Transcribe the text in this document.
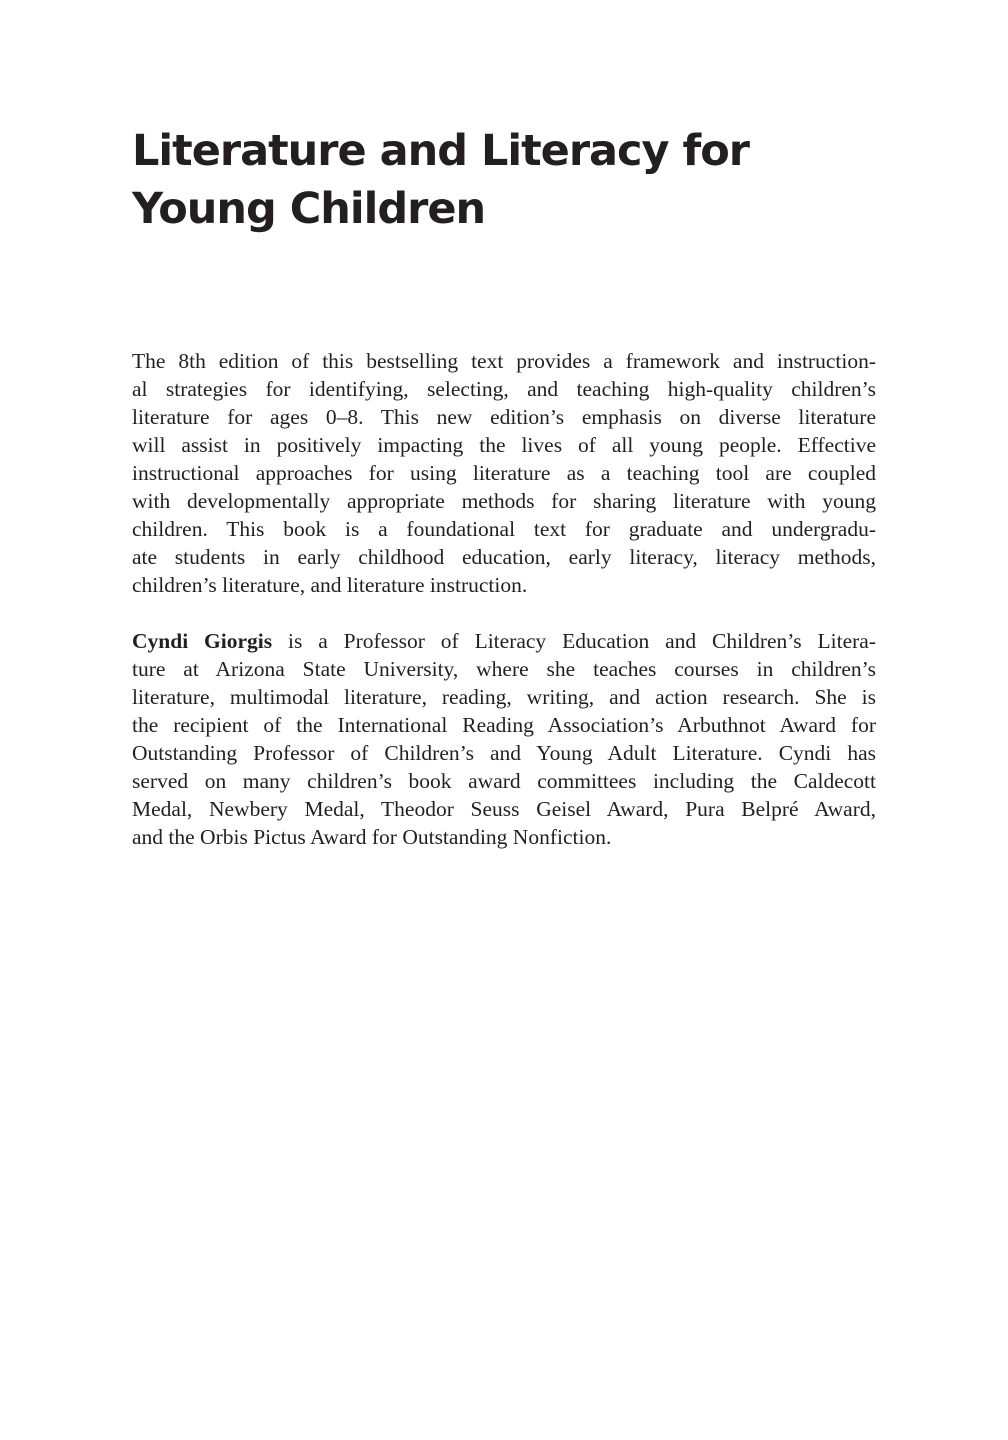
Literature and Literacy for
Young Children

The 8th edition of this bestselling text provides a framework and instruction-
al strategies for identifying, selecting, and teaching high-quality children’s
literature for ages 0–8. This new edition’s emphasis on diverse literature
will assist in positively impacting the lives of all young people. Effective
instructional approaches for using literature as a teaching tool are coupled
with developmentally appropriate methods for sharing literature with young
children. This book is a foundational text for graduate and undergradu-
ate students in early childhood education, early literacy, literacy methods,
children’s literature, and literature instruction.

Cyndi Giorgis is a Professor of Literacy Education and Children’s Litera-
ture at Arizona State University, where she teaches courses in children’s
literature, multimodal literature, reading, writing, and action research. She is
the recipient of the International Reading Association’s Arbuthnot Award for
Outstanding Professor of Children’s and Young Adult Literature. Cyndi has
served on many children’s book award committees including the Caldecott
Medal, Newbery Medal, Theodor Seuss Geisel Award, Pura Belpré Award,
and the Orbis Pictus Award for Outstanding Nonfiction.
